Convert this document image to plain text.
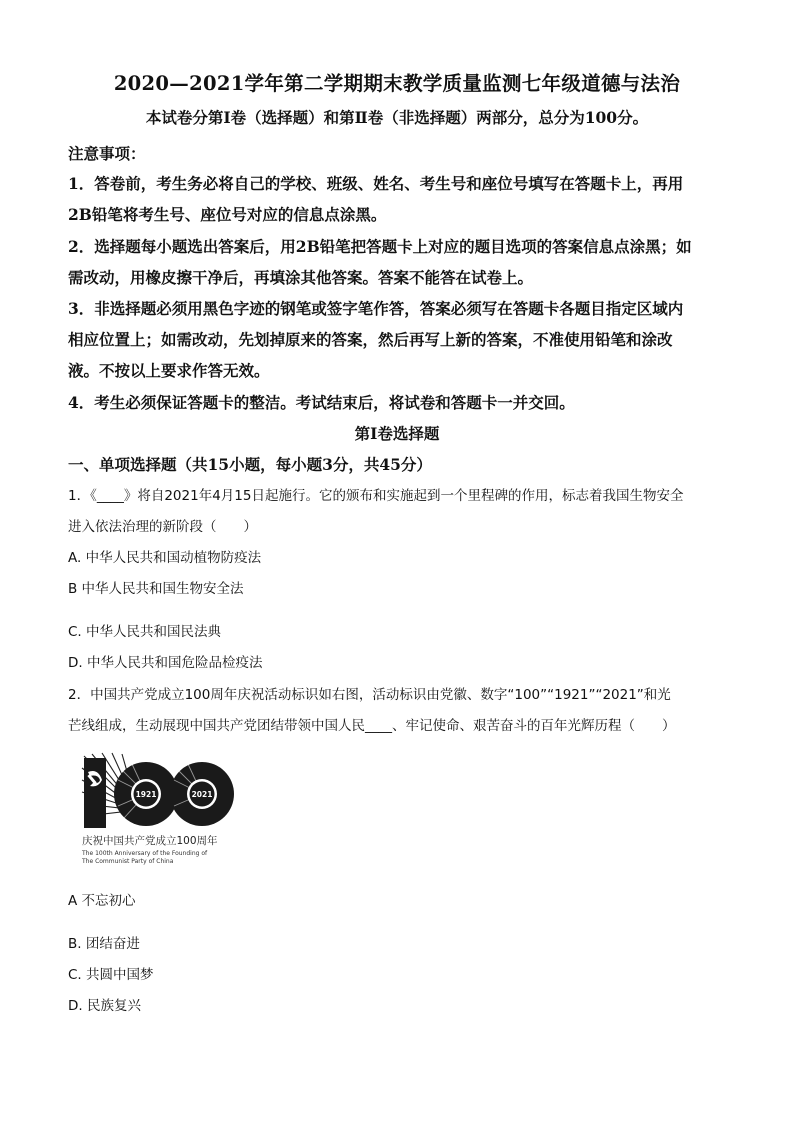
2020—2021学年第二学期期末教学质量监测七年级道德与法治
本试卷分第Ⅰ卷（选择题）和第Ⅱ卷（非选择题）两部分，总分为100分。
注意事项：
1．答卷前，考生务必将自己的学校、班级、姓名、考生号和座位号填写在答题卡上，再用
2B铅笔将考生号、座位号对应的信息点涂黑。
2．选择题每小题选出答案后，用2B铅笔把答题卡上对应的题目选项的答案信息点涂黑；如
需改动，用橡皮擦干净后，再填涂其他答案。答案不能答在试卷上。
3．非选择题必须用黑色字迹的钢笔或签字笔作答，答案必须写在答题卡各题目指定区域内
相应位置上；如需改动，先划掉原来的答案，然后再写上新的答案，不准使用铅笔和涂改
液。不按以上要求作答无效。
4．考生必须保证答题卡的整洁。考试结束后，将试卷和答题卡一并交回。
第Ⅰ卷选择题
一、单项选择题（共15小题，每小题3分，共45分）
1．《____》将自2021年4月15日起施行。它的颁布和实施起到一个里程碑的作用，标志着我国生物安全
进入依法治理的新阶段（　　）
A. 中华人民共和国动植物防疫法
B 中华人民共和国生物安全法
C. 中华人民共和国民法典
D. 中华人民共和国危险品检疫法
2．中国共产党成立100周年庆祝活动标识如右图，活动标识由党徽、数字“100”“1921”“2021”和光
芒线组成，生动展现中国共产党团结带领中国人民____、牢记使命、艰苦奋斗的百年光辉历程（　　）
1921	2021
庆祝中国共产党成立100周年
The 100th Anniversary of the Founding of
The Communist Party of China
A 不忘初心
B. 团结奋进
C. 共圆中国梦
D. 民族复兴
